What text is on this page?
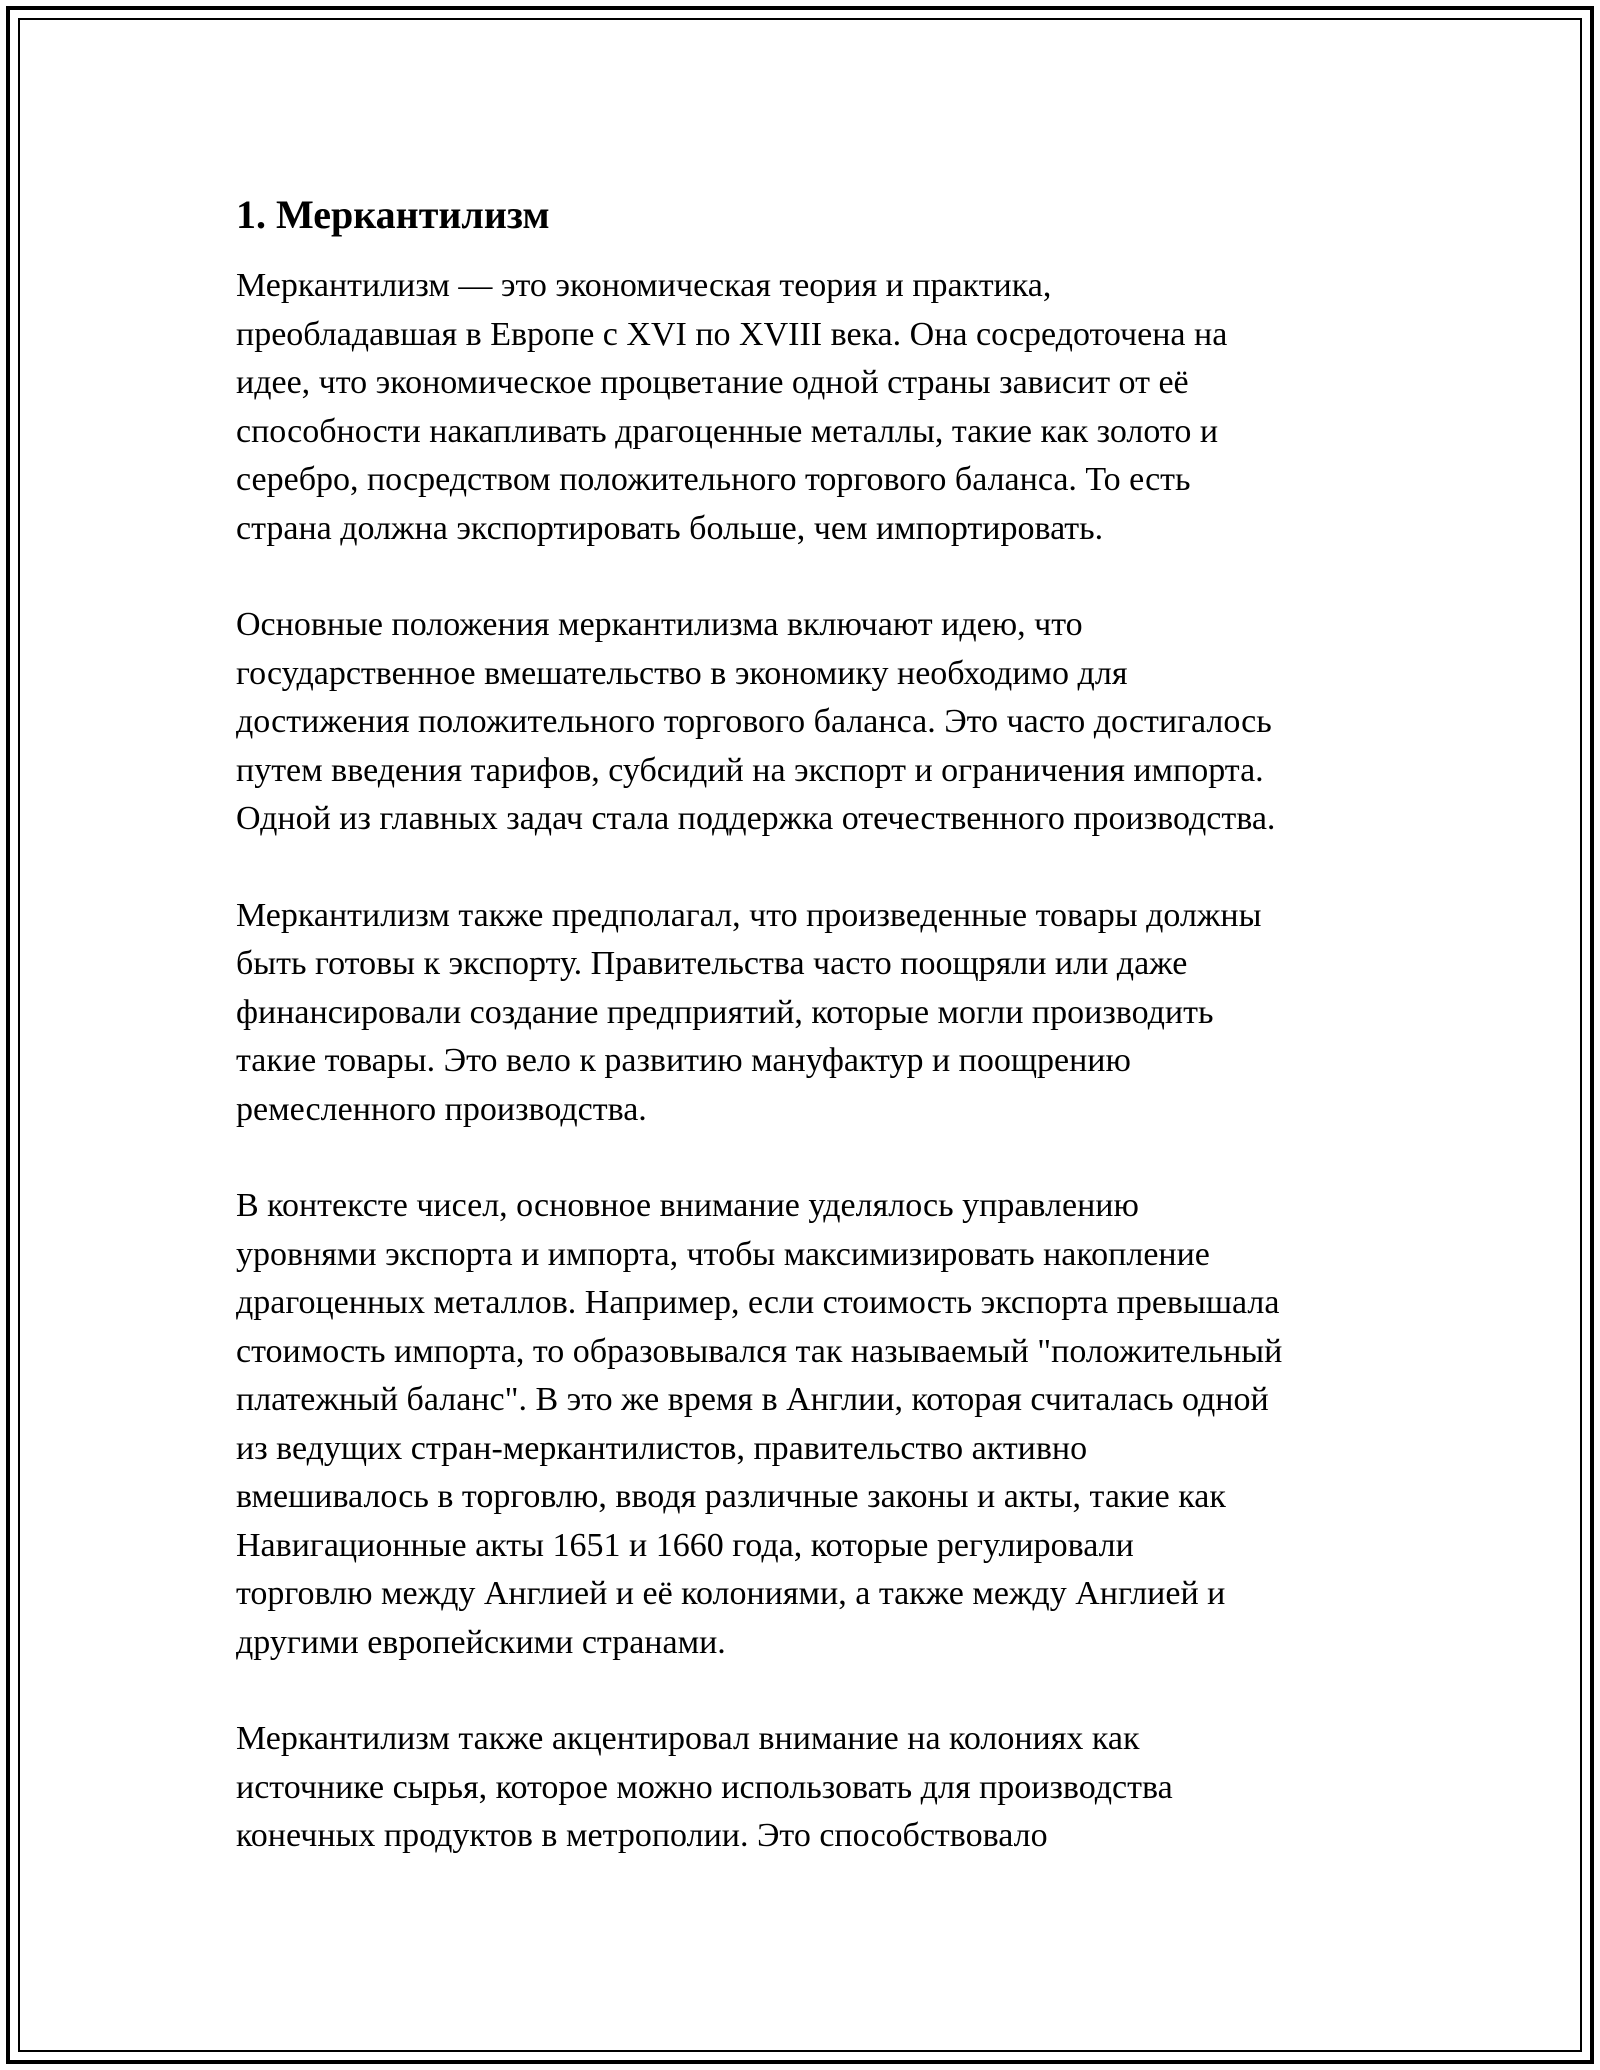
1. Меркантилизм

Меркантилизм — это экономическая теория и практика,
преобладавшая в Европе с XVI по XVIII века. Она сосредоточена на
идее, что экономическое процветание одной страны зависит от её
способности накапливать драгоценные металлы, такие как золото и
серебро, посредством положительного торгового баланса. То есть
страна должна экспортировать больше, чем импортировать.

Основные положения меркантилизма включают идею, что
государственное вмешательство в экономику необходимо для
достижения положительного торгового баланса. Это часто достигалось
путем введения тарифов, субсидий на экспорт и ограничения импорта.
Одной из главных задач стала поддержка отечественного производства.

Меркантилизм также предполагал, что произведенные товары должны
быть готовы к экспорту. Правительства часто поощряли или даже
финансировали создание предприятий, которые могли производить
такие товары. Это вело к развитию мануфактур и поощрению
ремесленного производства.

В контексте чисел, основное внимание уделялось управлению
уровнями экспорта и импорта, чтобы максимизировать накопление
драгоценных металлов. Например, если стоимость экспорта превышала
стоимость импорта, то образовывался так называемый "положительный
платежный баланс". В это же время в Англии, которая считалась одной
из ведущих стран-меркантилистов, правительство активно
вмешивалось в торговлю, вводя различные законы и акты, такие как
Навигационные акты 1651 и 1660 года, которые регулировали
торговлю между Англией и её колониями, а также между Англией и
другими европейскими странами.

Меркантилизм также акцентировал внимание на колониях как
источнике сырья, которое можно использовать для производства
конечных продуктов в метрополии. Это способствовало
